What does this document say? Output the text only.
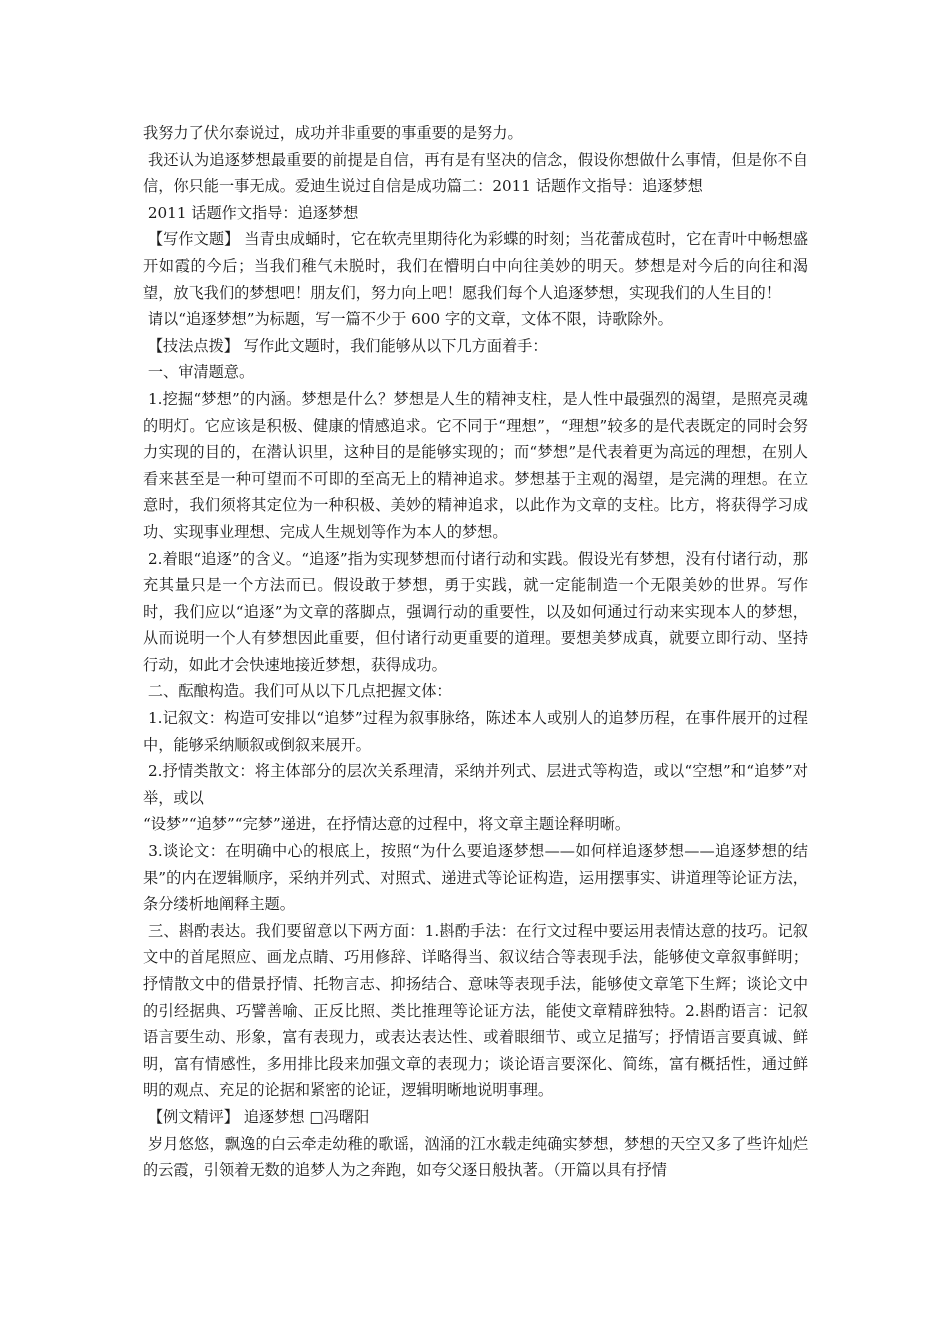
我努力了伏尔泰说过，成功并非重要的事重要的是努力。

我还认为追逐梦想最重要的前提是自信，再有是有坚决的信念，假设你想做什么事情，但是你不自信，你只能一事无成。爱迪生说过自信是成功篇二：2011 话题作文指导：追逐梦想

2011 话题作文指导：追逐梦想

【写作文题】 当青虫成蛹时，它在软壳里期待化为彩蝶的时刻；当花蕾成苞时，它在青叶中畅想盛开如霞的今后；当我们稚气未脱时，我们在懵明白中向往美妙的明天。梦想是对今后的向往和渴望，放飞我们的梦想吧！朋友们，努力向上吧！愿我们每个人追逐梦想，实现我们的人生目的！

请以“追逐梦想”为标题，写一篇不少于 600 字的文章，文体不限，诗歌除外。

【技法点拨】 写作此文题时，我们能够从以下几方面着手：

一、审清题意。

1.挖掘“梦想”的内涵。梦想是什么？梦想是人生的精神支柱，是人性中最强烈的渴望，是照亮灵魂的明灯。它应该是积极、健康的情感追求。它不同于“理想”，“理想”较多的是代表既定的同时会努力实现的目的，在潜认识里，这种目的是能够实现的；而“梦想”是代表着更为高远的理想，在别人看来甚至是一种可望而不可即的至高无上的精神追求。梦想基于主观的渴望，是完满的理想。在立意时，我们须将其定位为一种积极、美妙的精神追求，以此作为文章的支柱。比方，将获得学习成功、实现事业理想、完成人生规划等作为本人的梦想。

2.着眼“追逐”的含义。“追逐”指为实现梦想而付诸行动和实践。假设光有梦想，没有付诸行动，那充其量只是一个方法而已。假设敢于梦想，勇于实践，就一定能制造一个无限美妙的世界。写作时，我们应以“追逐”为文章的落脚点，强调行动的重要性，以及如何通过行动来实现本人的梦想，从而说明一个人有梦想因此重要，但付诸行动更重要的道理。要想美梦成真，就要立即行动、坚持行动，如此才会快速地接近梦想，获得成功。

二、酝酿构造。我们可从以下几点把握文体：

1.记叙文：构造可安排以“追梦”过程为叙事脉络，陈述本人或别人的追梦历程，在事件展开的过程中，能够采纳顺叙或倒叙来展开。

2.抒情类散文：将主体部分的层次关系理清，采纳并列式、层进式等构造，或以“空想”和“追梦”对举，或以

“设梦”“追梦”“完梦”递进，在抒情达意的过程中，将文章主题诠释明晰。

3.谈论文：在明确中心的根底上，按照“为什么要追逐梦想——如何样追逐梦想——追逐梦想的结果”的内在逻辑顺序，采纳并列式、对照式、递进式等论证构造，运用摆事实、讲道理等论证方法，条分缕析地阐释主题。

三、斟酌表达。我们要留意以下两方面：1.斟酌手法：在行文过程中要运用表情达意的技巧。记叙文中的首尾照应、画龙点睛、巧用修辞、详略得当、叙议结合等表现手法，能够使文章叙事鲜明；抒情散文中的借景抒情、托物言志、抑扬结合、意味等表现手法，能够使文章笔下生辉；谈论文中的引经据典、巧譬善喻、正反比照、类比推理等论证方法，能使文章精辟独特。2.斟酌语言：记叙语言要生动、形象，富有表现力，或表达表达性、或着眼细节、或立足描写；抒情语言要真诚、鲜明，富有情感性，多用排比段来加强文章的表现力；谈论语言要深化、简练，富有概括性，通过鲜明的观点、充足的论据和紧密的论证，逻辑明晰地说明事理。

【例文精评】 追逐梦想 □冯曙阳

岁月悠悠，飘逸的白云牵走幼稚的歌谣，汹涌的江水载走纯确实梦想，梦想的天空又多了些许灿烂的云霞，引领着无数的追梦人为之奔跑，如夸父逐日般执著。（开篇以具有抒情
